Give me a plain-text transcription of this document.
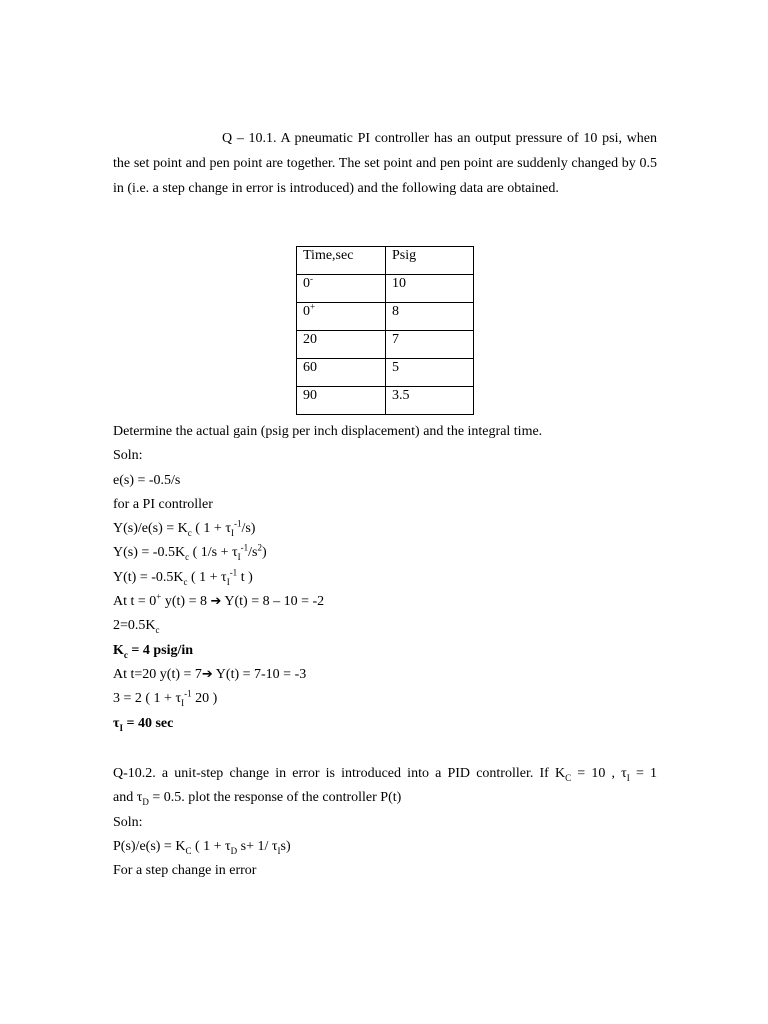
Q – 10.1. A pneumatic PI controller has an output pressure of 10 psi, when the set point and pen point are together. The set point and pen point are suddenly changed by 0.5 in (i.e. a step change in error is introduced) and the following data are obtained.
Time,sec	Psig
0-	10
0+	8
20	7
60	5
90	3.5
Determine the actual gain (psig per inch displacement) and the integral time.
Soln:
e(s) = -0.5/s
for a PI controller
$Y(s)/e(s) = K_c$ ( $1 + \tau_I^{-1}/s$)
$Y(s) = -0.5K_c$ ( $1/s + \tau_I^{-1}/s^2$)
$Y(t) = -0.5K_c$ ( $1 + \tau_I^{-1}$ t )
At t = 0+ y(t) = 8 ➔ Y(t) = 8 – 10 = -2
$2=0.5K_c$
$K_c = 4$ psig/in
At t=20 y(t) = 7➔ Y(t) = 7-10 = -3
3 = 2 ( $1 + \tau_I^{-1}$ 20 )
$\tau_I = 40$ sec
Q-10.2. a unit-step change in error is introduced into a PID controller. If $K_C = 10$ , $\tau_I = 1$
and $\tau_D = 0.5$. plot the response of the controller P(t)
Soln:
$P(s)/e(s) = K_C$ ( $1 + \tau_D$ s+ 1/ $\tau_Is$)
For a step change in error
